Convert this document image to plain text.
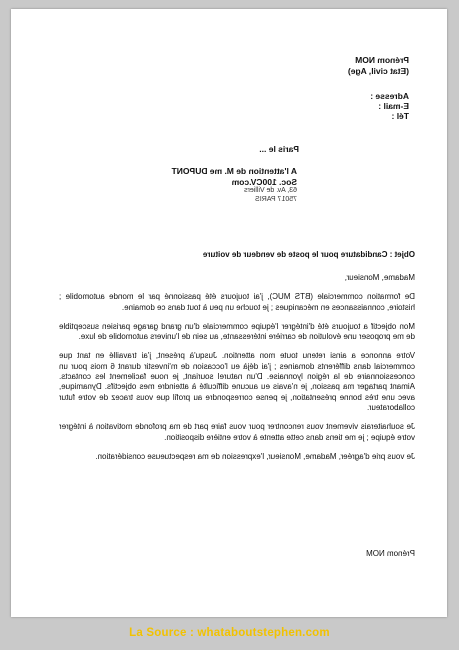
Prénom NOM
(Etat civil, Age)
Adresse :
E-mail :
Tél :
Paris le ...
A l'attention de M. me DUPONT
Soc. 100CV.com
63, Av. de Villiers
75017 PARIS
Objet : Candidature pour le poste de vendeur de voiture

Madame, Monsieur,

De formation commerciale (BTS MUC), j'ai toujours été passionné par le monde automobile ; histoire, connaissances en mécaniques ; je touche un peu à tout dans ce domaine.

Mon objectif a toujours été d'intégrer l'équipe commerciale d'un grand garage parisien susceptible de me proposer une évolution de carrière intéressante, au sein de l'univers automobile de luxe.

Votre annonce a ainsi retenu toute mon attention. Jusqu'à présent, j'ai travaillé en tant que commercial dans différents domaines ; j'ai déjà eu l'occasion de m'investir durant 6 mois pour un concessionnaire de la région lyonnaise. D'un naturel souriant, je noue facilement les contacts. Aimant partager ma passion, je n'avais eu aucune difficulté à atteindre mes objectifs. Dynamique, avec une très bonne présentation, je pense correspondre au profil que vous tracez de votre futur collaborateur.

Je souhaiterais vivement vous rencontrer pour vous faire part de ma profonde motivation à intégrer votre équipe ; je me tiens dans cette attente à votre entière disposition.

Je vous prie d'agréer, Madame, Monsieur, l'expression de ma respectueuse considération.

Prénom NOM
La Source : whataboutstephen.com
